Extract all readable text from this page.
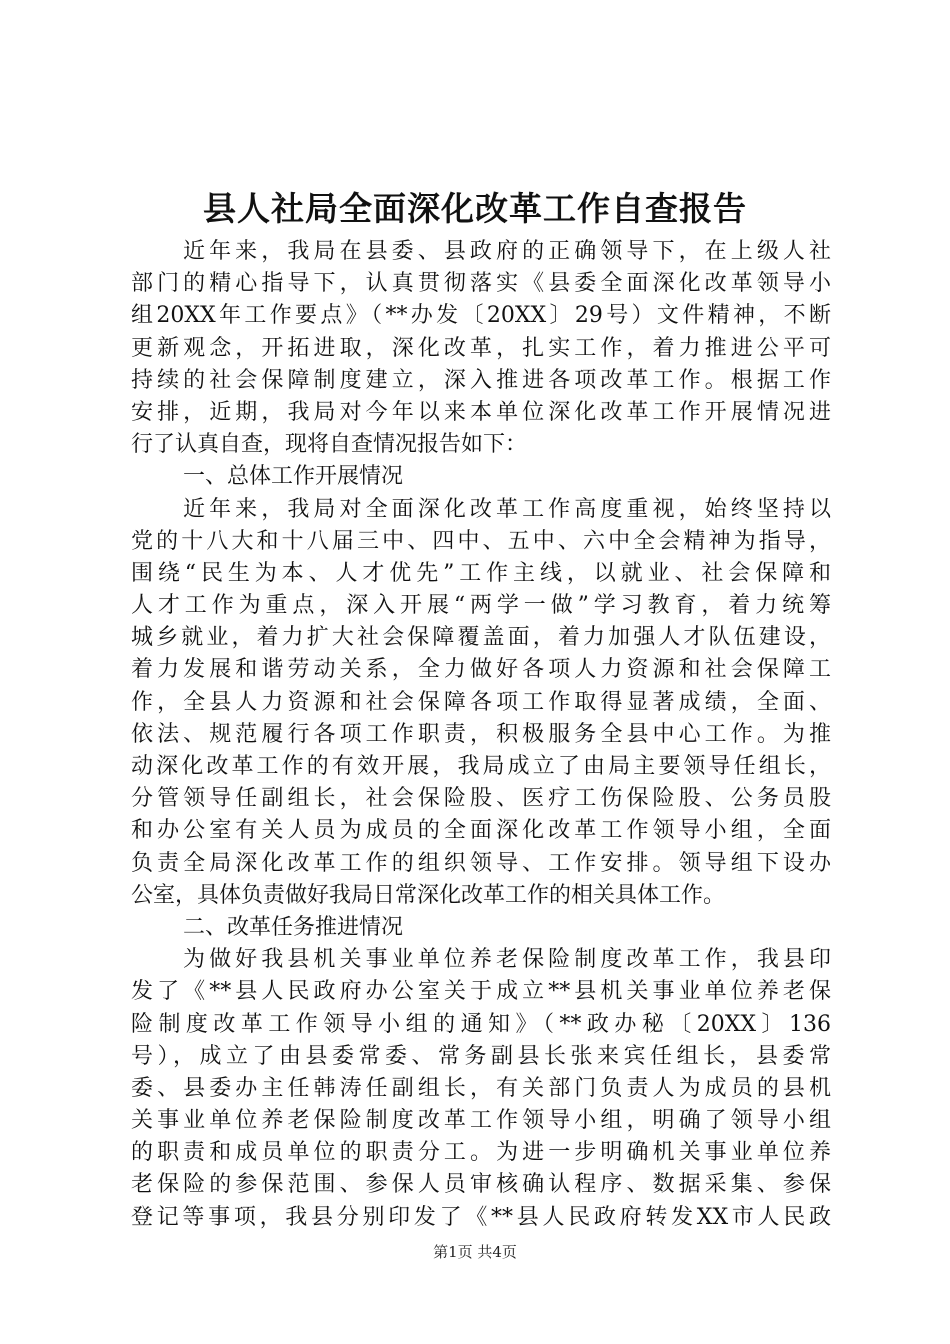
县人社局全面深化改革工作自查报告
近年来，我局在县委、县政府的正确领导下，在上级人社
部门的精心指导下，认真贯彻落实《县委全面深化改革领导小
组20XX年工作要点》（**办发〔20XX〕29号）文件精神，不断
更新观念，开拓进取，深化改革，扎实工作，着力推进公平可
持续的社会保障制度建立，深入推进各项改革工作。根据工作
安排，近期，我局对今年以来本单位深化改革工作开展情况进
行了认真自查，现将自查情况报告如下：
一、总体工作开展情况
近年来，我局对全面深化改革工作高度重视，始终坚持以
党的十八大和十八届三中、四中、五中、六中全会精神为指导，
围绕“民生为本、人才优先”工作主线，以就业、社会保障和
人才工作为重点，深入开展“两学一做”学习教育，着力统筹
城乡就业，着力扩大社会保障覆盖面，着力加强人才队伍建设，
着力发展和谐劳动关系，全力做好各项人力资源和社会保障工
作，全县人力资源和社会保障各项工作取得显著成绩，全面、
依法、规范履行各项工作职责，积极服务全县中心工作。为推
动深化改革工作的有效开展，我局成立了由局主要领导任组长，
分管领导任副组长，社会保险股、医疗工伤保险股、公务员股
和办公室有关人员为成员的全面深化改革工作领导小组，全面
负责全局深化改革工作的组织领导、工作安排。领导组下设办
公室，具体负责做好我局日常深化改革工作的相关具体工作。
二、改革任务推进情况
为做好我县机关事业单位养老保险制度改革工作，我县印
发了《**县人民政府办公室关于成立**县机关事业单位养老保
险制度改革工作领导小组的通知》（**政办秘〔20XX〕136
号），成立了由县委常委、常务副县长张来宾任组长，县委常
委、县委办主任韩涛任副组长，有关部门负责人为成员的县机
关事业单位养老保险制度改革工作领导小组，明确了领导小组
的职责和成员单位的职责分工。为进一步明确机关事业单位养
老保险的参保范围、参保人员审核确认程序、数据采集、参保
登记等事项，我县分别印发了《**县人民政府转发XX市人民政
第1页 共4页
